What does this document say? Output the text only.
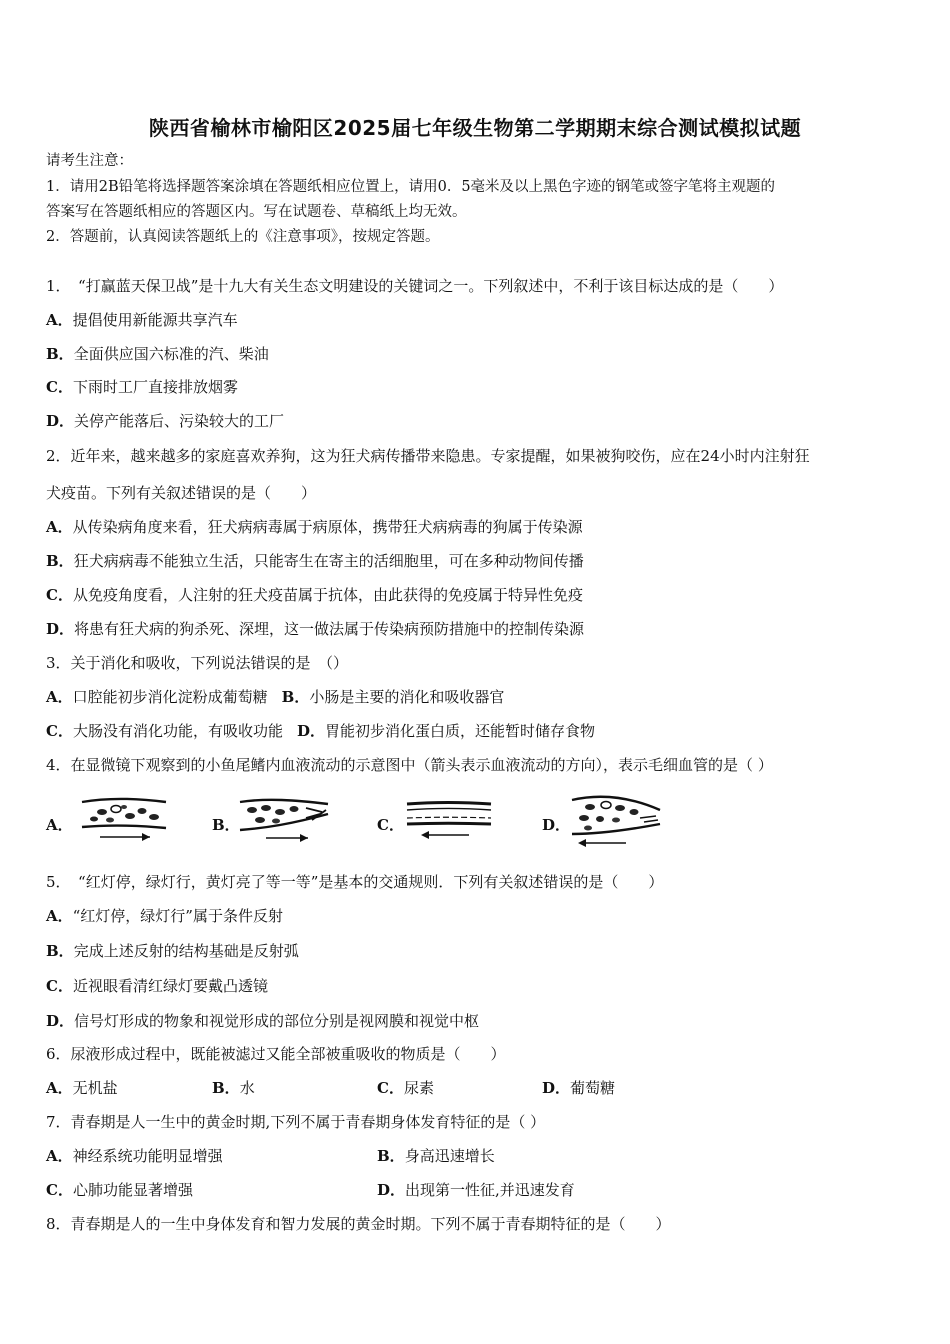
陕西省榆林市榆阳区2025届七年级生物第二学期期末综合测试模拟试题
请考生注意：
1．请用2B铅笔将选择题答案涂填在答题纸相应位置上，请用0．5毫米及以上黑色字迹的钢笔或签字笔将主观题的
答案写在答题纸相应的答题区内。写在试题卷、草稿纸上均无效。
2．答题前，认真阅读答题纸上的《注意事项》，按规定答题。
1．　“打赢蓝天保卫战”是十九大有关生态文明建设的关键词之一。下列叙述中，不利于该目标达成的是（　　）
A．提倡使用新能源共享汽车
B．全面供应国六标准的汽、柴油
C．下雨时工厂直接排放烟雾
D．关停产能落后、污染较大的工厂
2．近年来，越来越多的家庭喜欢养狗，这为狂犬病传播带来隐患。专家提醒，如果被狗咬伤，应在24小时内注射狂
犬疫苗。下列有关叙述错误的是（　　）
A．从传染病角度来看，狂犬病病毒属于病原体，携带狂犬病病毒的狗属于传染源
B．狂犬病病毒不能独立生活，只能寄生在寄主的活细胞里，可在多种动物间传播
C．从免疫角度看，人注射的狂犬疫苗属于抗体，由此获得的免疫属于特异性免疫
D．将患有狂犬病的狗杀死、深埋，这一做法属于传染病预防措施中的控制传染源
3．关于消化和吸收，下列说法错误的是　（）
A．口腔能初步消化淀粉成葡萄糖 B．小肠是主要的消化和吸收器官
C．大肠没有消化功能，有吸收功能 D．胃能初步消化蛋白质，还能暂时储存食物
4．在显微镜下观察到的小鱼尾鳍内血液流动的示意图中（箭头表示血液流动的方向），表示毛细血管的是（ ）
A．	B．	C．	D．
5．　“红灯停，绿灯行，黄灯亮了等一等”是基本的交通规则．下列有关叙述错误的是（　　）
A．“红灯停，绿灯行”属于条件反射
B．完成上述反射的结构基础是反射弧
C．近视眼看清红绿灯要戴凸透镜
D．信号灯形成的物象和视觉形成的部位分别是视网膜和视觉中枢
6．尿液形成过程中，既能被滤过又能全部被重吸收的物质是（　　）
A．无机盐	B．水	C．尿素	D．葡萄糖
7．青春期是人一生中的黄金时期,下列不属于青春期身体发育特征的是（ ）
A．神经系统功能明显增强	B．身高迅速增长
C．心肺功能显著增强	D．出现第一性征,并迅速发育
8．青春期是人的一生中身体发育和智力发展的黄金时期。下列不属于青春期特征的是（　　）
